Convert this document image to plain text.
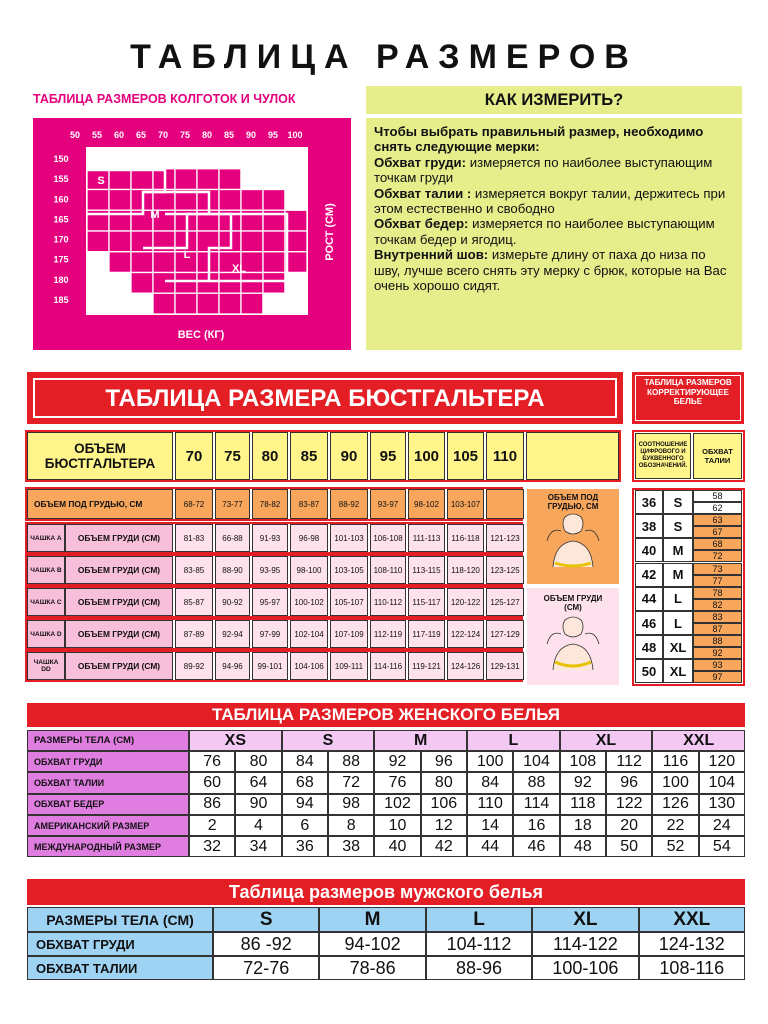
ТАБЛИЦА РАЗМЕРОВ
ТАБЛИЦА РАЗМЕРОВ КОЛГОТОК И ЧУЛОК
50 55 60 65 70 75 80 85 90 95 100
150
155
160
165
170
175
180
185
S
M
L
XL
ВЕС (КГ)
РОСТ (СМ)
КАК ИЗМЕРИТЬ?
Чтобы выбрать правильный размер, необходимо снять следующие мерки:
Обхват груди: измеряется по наиболее выступающим точкам груди
Обхват талии : измеряется вокруг талии, держитесь при этом естественно и свободно
Обхват бедер: измеряется по наиболее выступающим точкам бедер и ягодиц.
Внутренний шов: измерьте длину от паха до низа по шву, лучше всего снять эту мерку с брюк, которые на Вас очень хорошо сидят.
ТАБЛИЦА РАЗМЕРА БЮСТГАЛЬТЕРА
ТАБЛИЦА РАЗМЕРОВ КОРРЕКТИРУЮЩЕЕ БЕЛЬЕ
ОБЪЕМ БЮСТГАЛЬТЕРА	70	75	80	85	90	95	100 105 110
ОБЪЕМ ПОД ГРУДЬЮ, СМ	68-72	73-77	78-82	83-87	88-92	93-97	98-102	103-107
ЧАШКА А	ОБЪЕМ ГРУДИ (СМ)	81-83	66-88	91-93	96-98	101-103	106-108	111-113	116-118	121-123
ЧАШКА В	ОБЪЕМ ГРУДИ (СМ)	83-85	88-90	93-95	98-100	103-105	108-110	113-115	118-120	123-125
ЧАШКА С	ОБЪЕМ ГРУДИ (СМ)	85-87	90-92	95-97	100-102	105-107	110-112	115-117	120-122	125-127
ЧАШКА D	ОБЪЕМ ГРУДИ (СМ)	87-89	92-94	97-99	102-104	107-109	112-119	117-119	122-124	127-129
ЧАШКА DD	ОБЪЕМ ГРУДИ (СМ)	89-92	94-96	99-101	104-106	109-111	114-116	119-121	124-126	129-131
СООТНОШЕНИЕ ЦИФРОВОГО И БУКВЕННОГО ОБОЗНАЧЕНИЙ.
ОБХВАТ ТАЛИИ
36	S	58
62
38	S	63
67
40	M	68
72
42	M	73
77
44	L	78
82
46	L	83
87
48	XL	88
92
50	XL	93
97
ОБЪЕМ ПОД ГРУДЬЮ, СМ
ОБЪЕМ ГРУДИ (СМ)
ТАБЛИЦА РАЗМЕРОВ ЖЕНСКОГО БЕЛЬЯ
РАЗМЕРЫ ТЕЛА (СМ)	XS	S	M	L	XL	XXL
ОБХВАТ ГРУДИ	76	80	84	88	92	96	100	104	108	112	116	120
ОБХВАТ ТАЛИИ	60	64	68	72	76	80	84	88	92	96	100	104
ОБХВАТ БЕДЕР	86	90	94	98	102	106	110	114	118	122	126	130
АМЕРИКАНСКИЙ РАЗМЕР	2	4	6	8	10	12	14	16	18	20	22	24
МЕЖДУНАРОДНЫЙ РАЗМЕР	32	34	36	38	40	42	44	46	48	50	52	54
Таблица размеров мужского белья
РАЗМЕРЫ ТЕЛА (СМ)	S	M	L	XL	XXL
ОБХВАТ ГРУДИ	86 -92	94-102	104-112	114-122	124-132
ОБХВАТ ТАЛИИ	72-76	78-86	88-96	100-106	108-116
